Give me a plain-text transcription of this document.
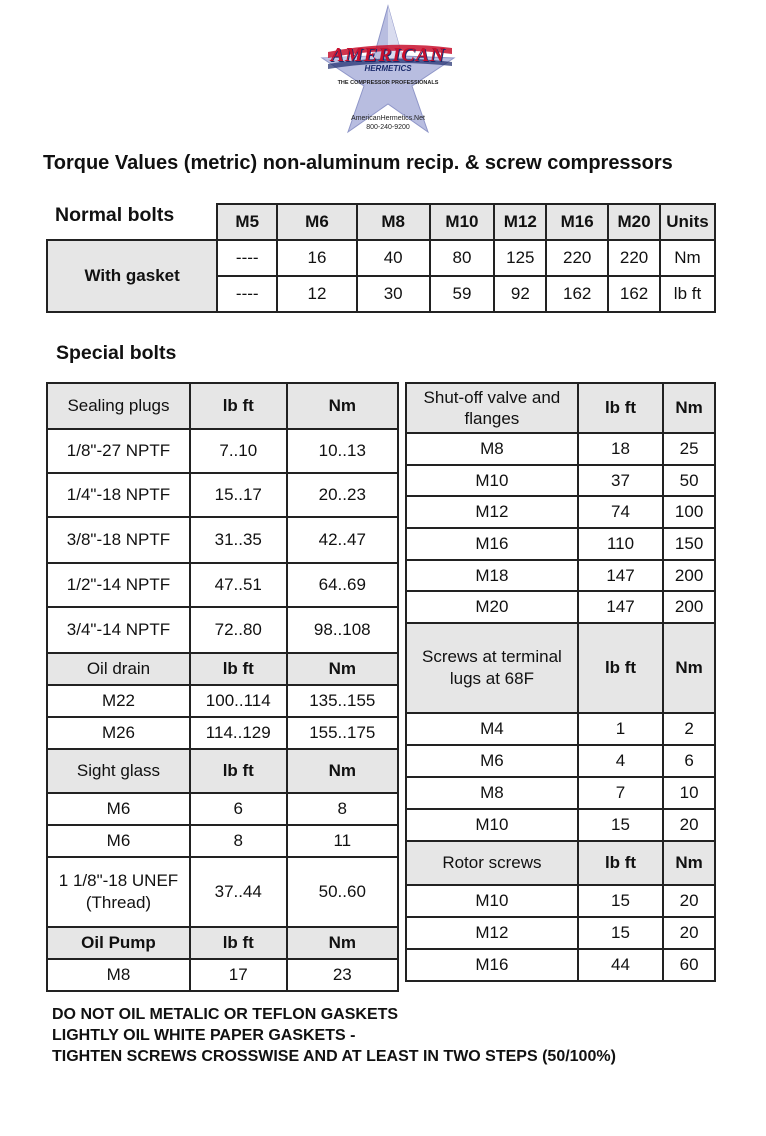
AMERICAN
HERMETICS
THE COMPRESSOR PROFESSIONALS
AmericanHermetics.Net
800-240-9200
Torque Values (metric) non-aluminum recip. & screw compressors
Normal bolts
		M5	M6	M8	M10	M12	M16	M20	Units
With gasket	----	16	40	80	125	220	220	Nm
	----	12	30	59	92	162	162	lb ft
Special bolts
Sealing plugs	lb ft	Nm
1/8"-27 NPTF	7..10	10..13
1/4"-18 NPTF	15..17	20..23
3/8"-18 NPTF	31..35	42..47
1/2"-14 NPTF	47..51	64..69
3/4"-14 NPTF	72..80	98..108
Oil drain	lb ft	Nm
M22	100..114	135..155
M26	114..129	155..175
Sight glass	lb ft	Nm
M6	6	8
M6	8	11

1 1/8"-18 UNEF
(Thread)	37..44	50..60
Oil Pump	lb ft	Nm
M8	17	23
Shut-off valve and
flanges	lb ft	Nm
M8	18	25
M10	37	50
M12	74	100
M16	110	150
M18	147	200
M20	147	200

Screws at terminal
lugs at 68F	lb ft	Nm
M4	1	2
M6	4	6
M8	7	10
M10	15	20
Rotor screws	lb ft	Nm
M10	15	20
M12	15	20
M16	44	60
DO NOT OIL METALIC OR TEFLON GASKETS
LIGHTLY OIL WHITE PAPER GASKETS -
TIGHTEN SCREWS CROSSWISE AND AT LEAST IN TWO STEPS (50/100%)
